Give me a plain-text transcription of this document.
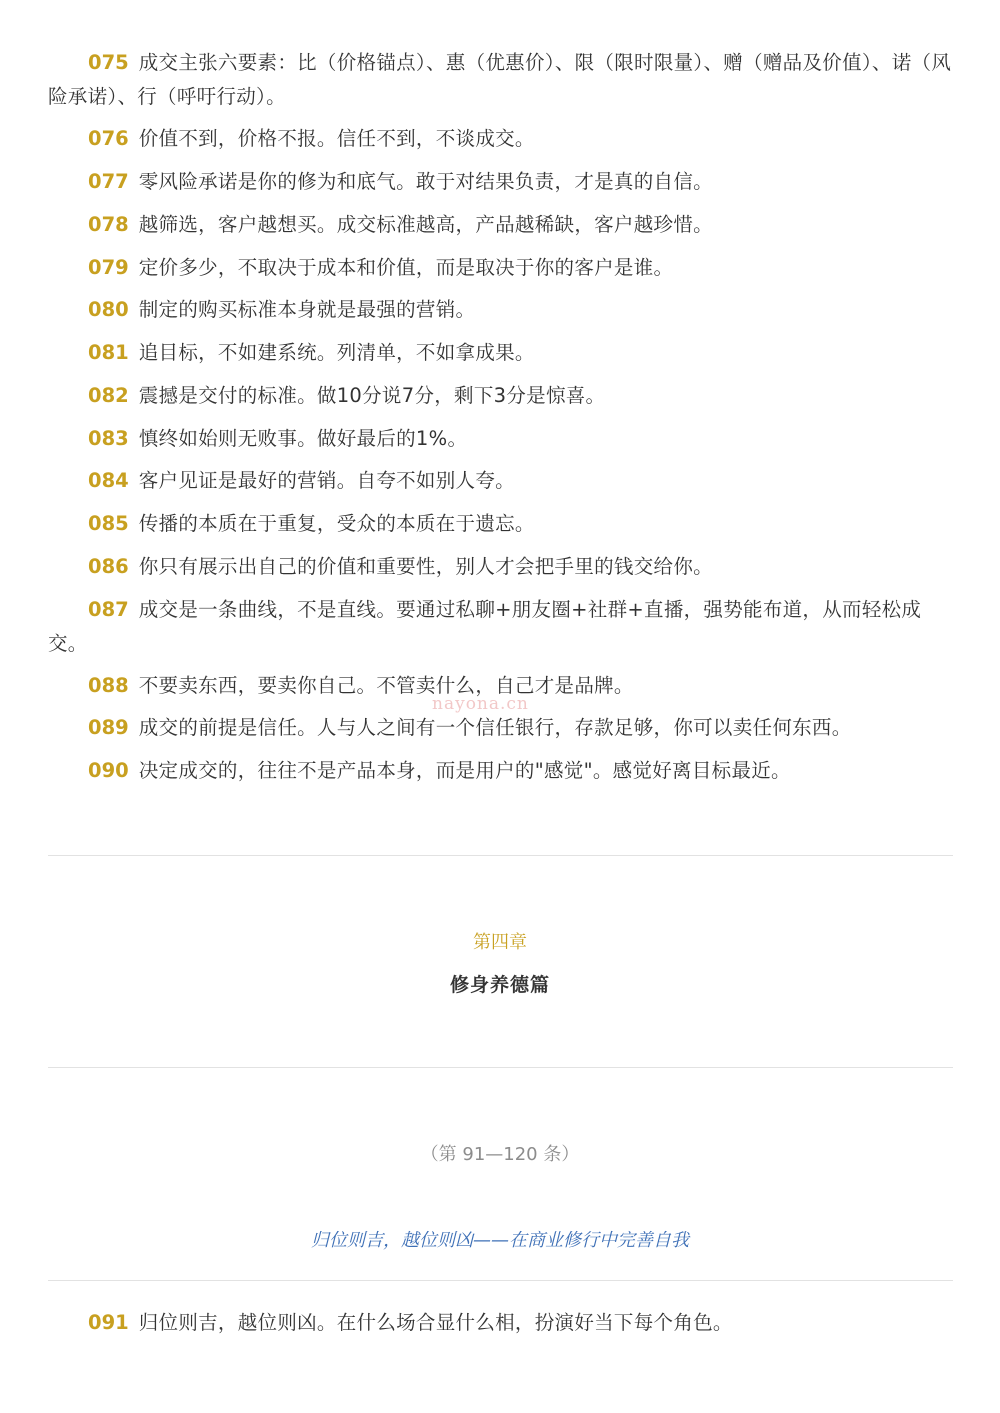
075 成交主张六要素：比（价格锚点）、惠（优惠价）、限（限时限量）、赠（赠品及价值）、诺（风险承诺）、行（呼吁行动）。

076 价值不到，价格不报。信任不到，不谈成交。

077 零风险承诺是你的修为和底气。敢于对结果负责，才是真的自信。

078 越筛选，客户越想买。成交标准越高，产品越稀缺，客户越珍惜。

079 定价多少，不取决于成本和价值，而是取决于你的客户是谁。

080 制定的购买标准本身就是最强的营销。

081 追目标，不如建系统。列清单，不如拿成果。

082 震撼是交付的标准。做10分说7分，剩下3分是惊喜。

083 慎终如始则无败事。做好最后的1%。

084 客户见证是最好的营销。自夸不如别人夸。

085 传播的本质在于重复，受众的本质在于遗忘。

086 你只有展示出自己的价值和重要性，别人才会把手里的钱交给你。

087 成交是一条曲线，不是直线。要通过私聊+朋友圈+社群+直播，强势能布道，从而轻松成交。

088 不要卖东西，要卖你自己。不管卖什么，自己才是品牌。

089 成交的前提是信任。人与人之间有一个信任银行，存款足够，你可以卖任何东西。

090 决定成交的，往往不是产品本身，而是用户的"感觉"。感觉好离目标最近。

nayona.cn
第四章
修身养德篇
（第 91—120 条）
归位则吉，越位则凶——在商业修行中完善自我

091 归位则吉，越位则凶。在什么场合显什么相，扮演好当下每个角色。
